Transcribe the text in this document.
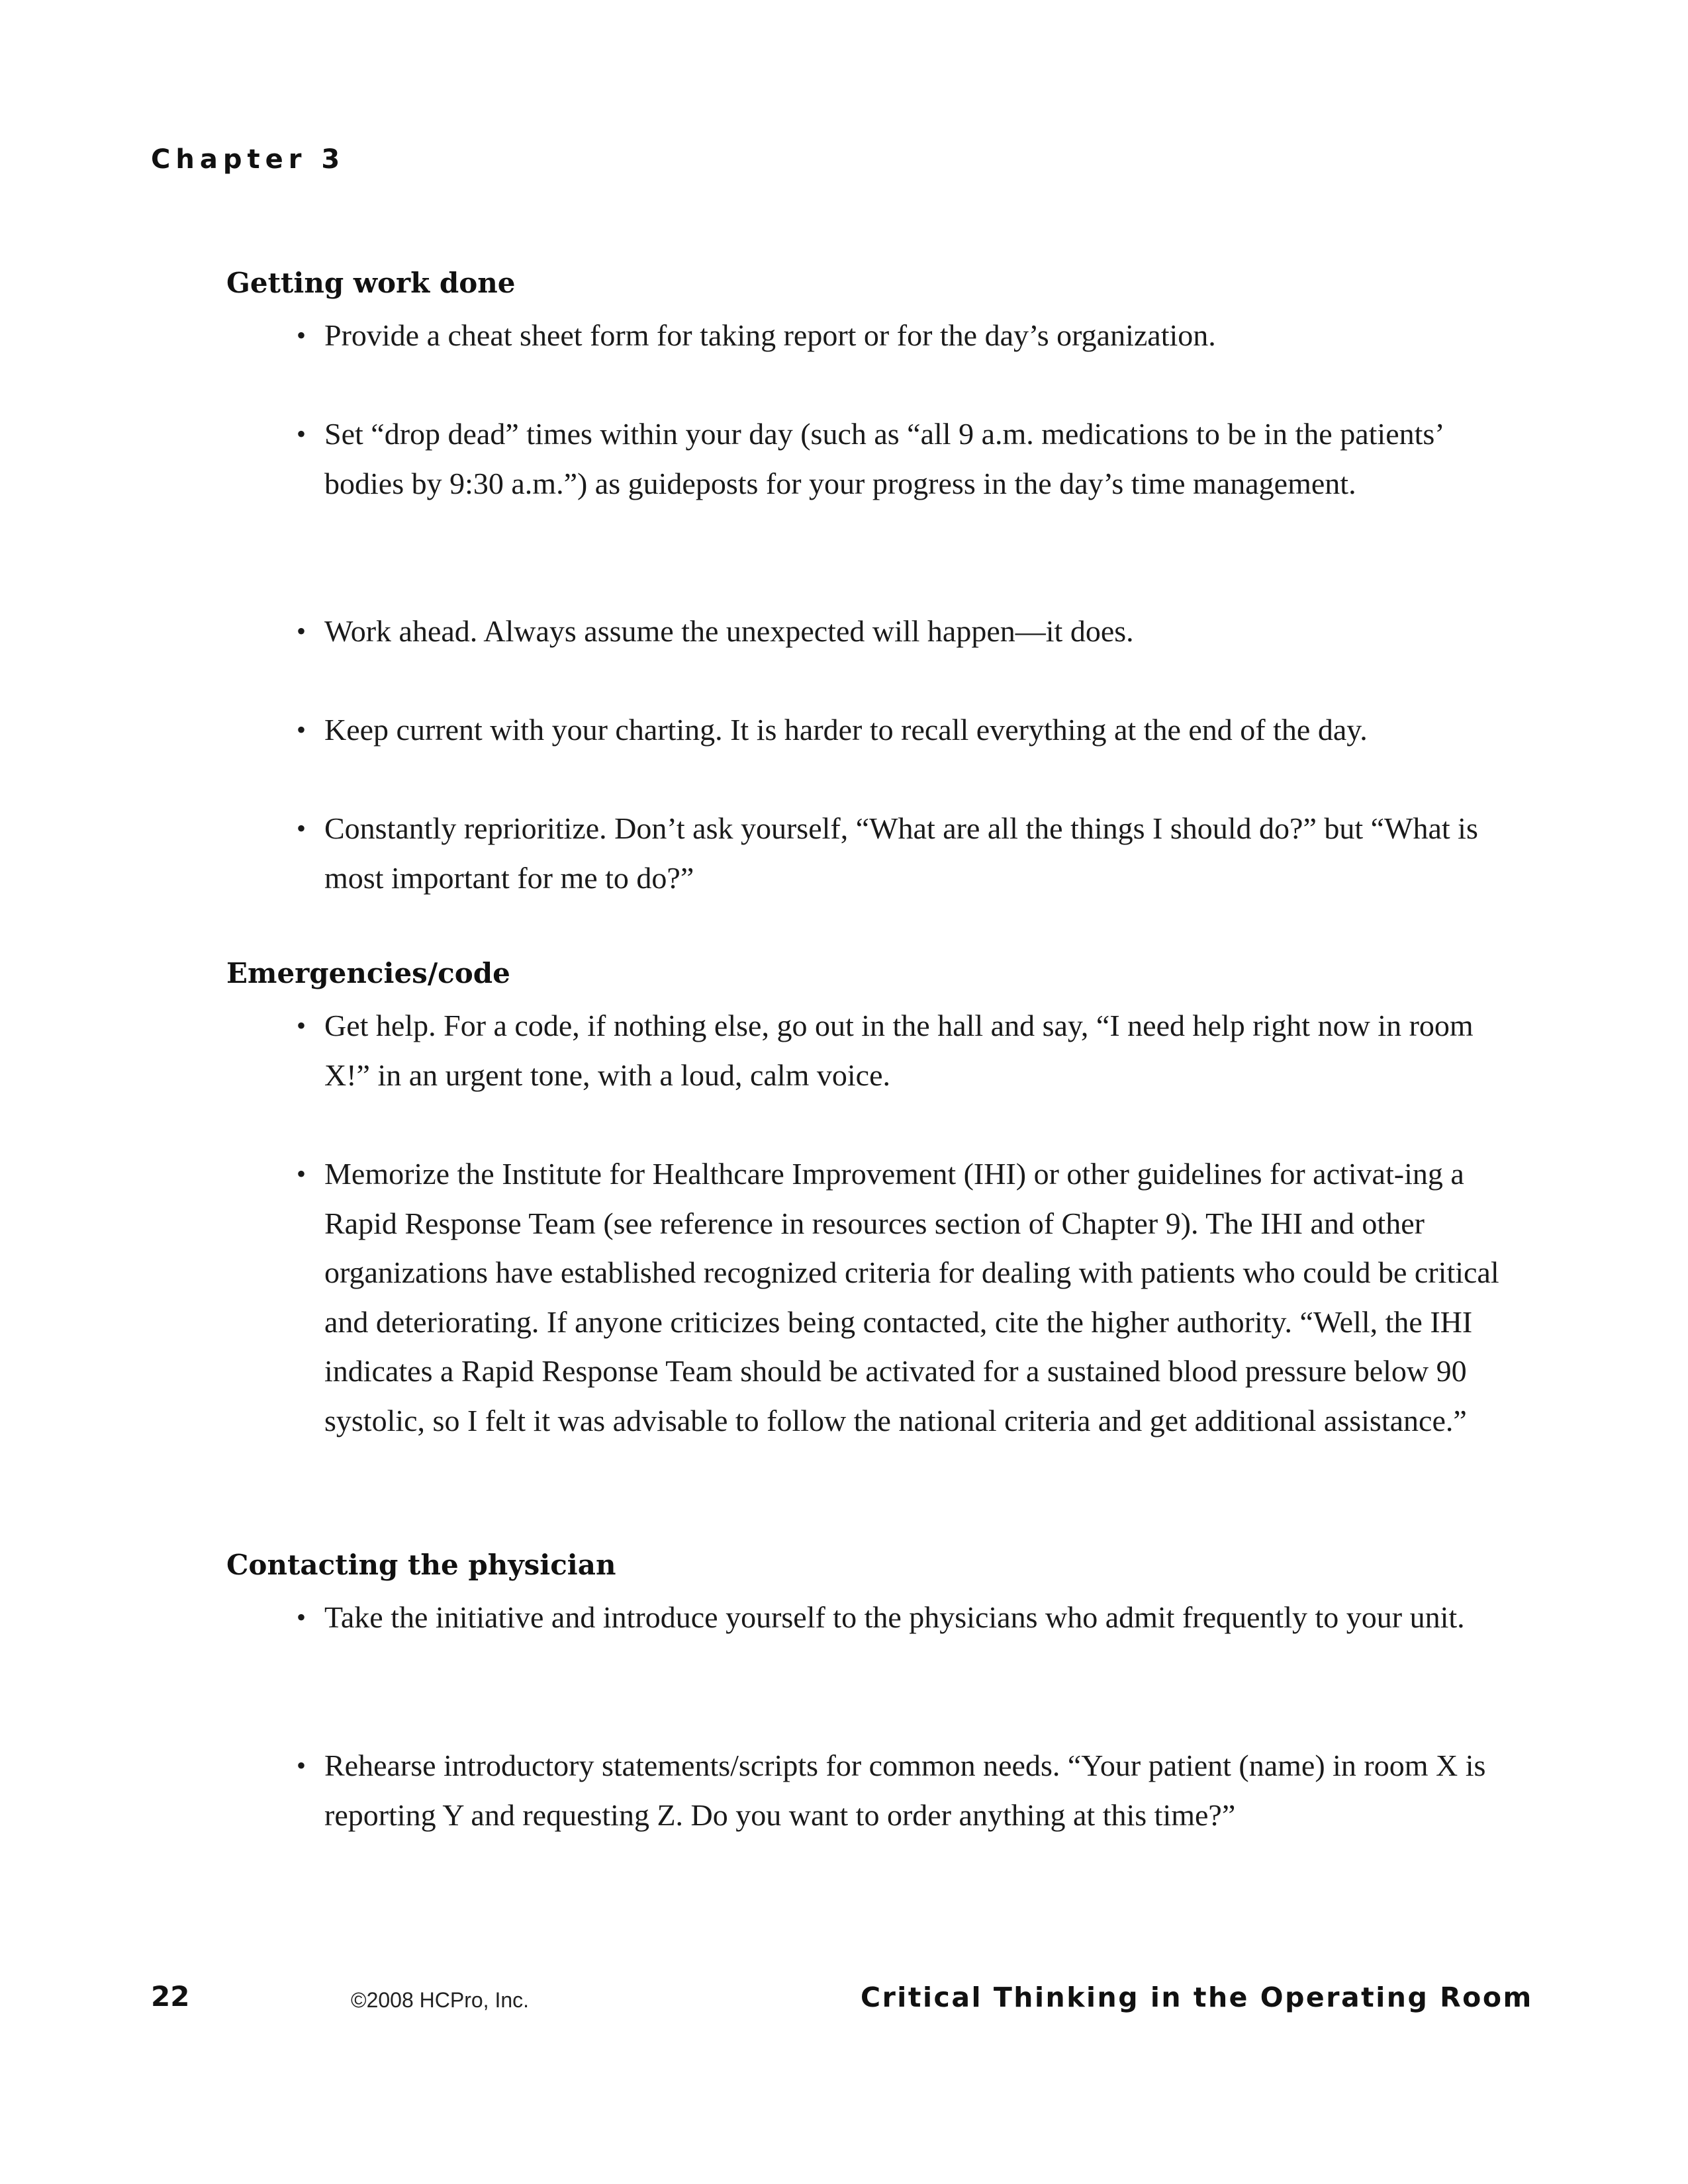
Chapter 3
Getting work done
• Provide a cheat sheet form for taking report or for the day’s organization.
• Set “drop dead” times within your day (such as “all 9 a.m. medications to be in the patients’ bodies by 9:30 a.m.”) as guideposts for your progress in the day’s time management.
• Work ahead. Always assume the unexpected will happen—it does.
• Keep current with your charting. It is harder to recall everything at the end of the day.
• Constantly reprioritize. Don’t ask yourself, “What are all the things I should do?” but “What is most important for me to do?”
Emergencies/code
• Get help. For a code, if nothing else, go out in the hall and say, “I need help right now in room X!” in an urgent tone, with a loud, calm voice.
• Memorize the Institute for Healthcare Improvement (IHI) or other guidelines for activat-ing a Rapid Response Team (see reference in resources section of Chapter 9). The IHI and other organizations have established recognized criteria for dealing with patients who could be critical and deteriorating. If anyone criticizes being contacted, cite the higher authority. “Well, the IHI indicates a Rapid Response Team should be activated for a sustained blood pressure below 90 systolic, so I felt it was advisable to follow the national criteria and get additional assistance.”
Contacting the physician
• Take the initiative and introduce yourself to the physicians who admit frequently to your unit.
• Rehearse introductory statements/scripts for common needs. “Your patient (name) in room X is reporting Y and requesting Z. Do you want to order anything at this time?”
22	©2008 HCPro, Inc.	Critical Thinking in the Operating Room
